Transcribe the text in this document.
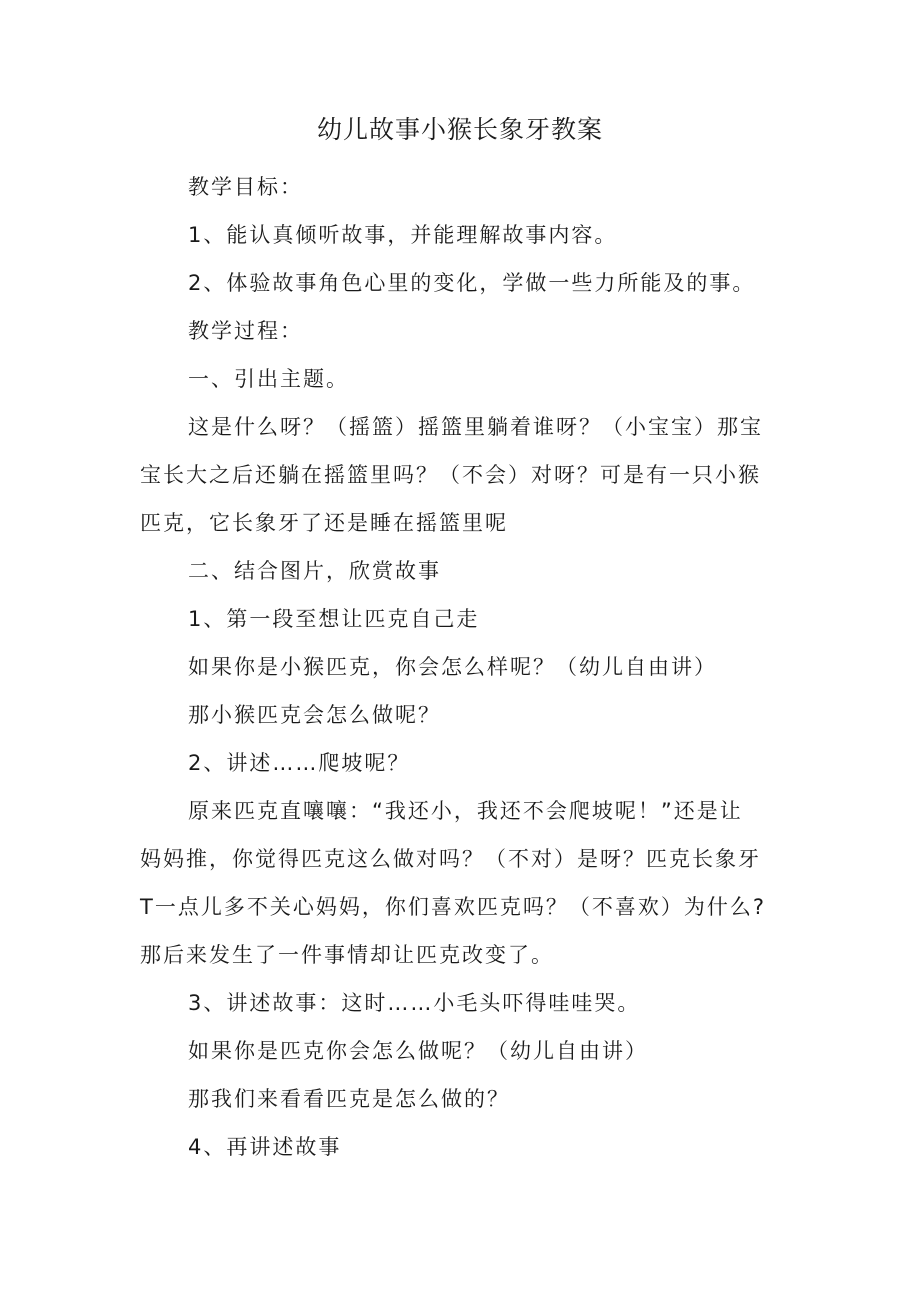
幼儿故事小猴长象牙教案

教学目标：

1、能认真倾听故事，并能理解故事内容。

2、体验故事角色心里的变化，学做一些力所能及的事。

教学过程：

一、引出主题。

这是什么呀？（摇篮）摇篮里躺着谁呀？（小宝宝）那宝

宝长大之后还躺在摇篮里吗？（不会）对呀？可是有一只小猴

匹克，它长象牙了还是睡在摇篮里呢

二、结合图片，欣赏故事

1、第一段至想让匹克自己走

如果你是小猴匹克，你会怎么样呢？（幼儿自由讲）

那小猴匹克会怎么做呢？

2、讲述……爬坡呢？

原来匹克直嚷嚷：“我还小，我还不会爬坡呢！”还是让

妈妈推，你觉得匹克这么做对吗？（不对）是呀？匹克长象牙

T一点儿多不关心妈妈，你们喜欢匹克吗？（不喜欢）为什么?

那后来发生了一件事情却让匹克改变了。

3、讲述故事：这时……小毛头吓得哇哇哭。

如果你是匹克你会怎么做呢？（幼儿自由讲）

那我们来看看匹克是怎么做的？

4、再讲述故事
